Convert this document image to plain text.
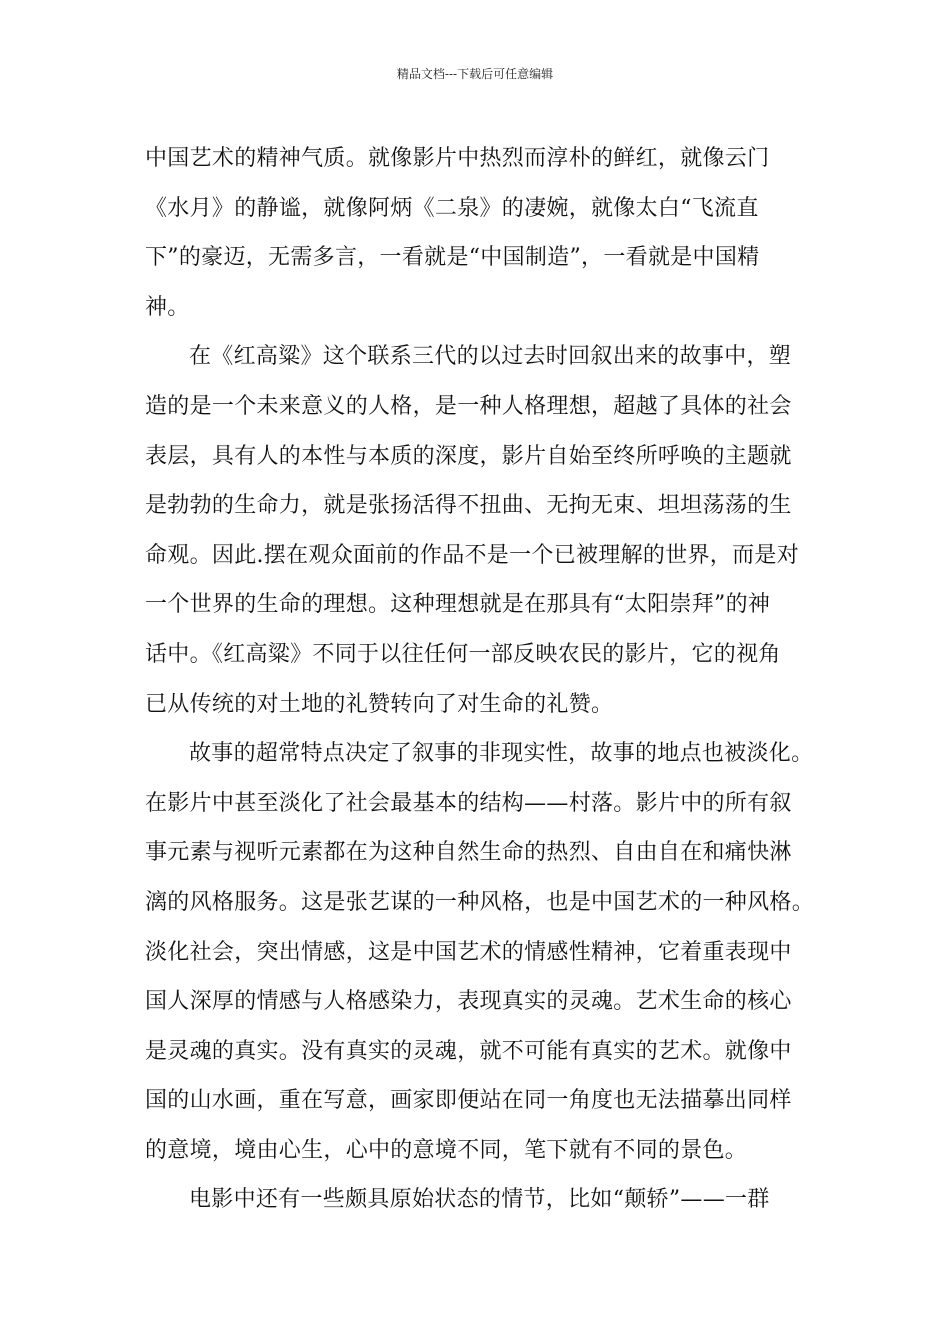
精品文档---下载后可任意编辑
中国艺术的精神气质。就像影片中热烈而淳朴的鲜红，就像云门
《水月》的静谧，就像阿炳《二泉》的凄婉，就像太白“飞流直
下”的豪迈，无需多言，一看就是“中国制造”，一看就是中国精
神。
在《红高粱》这个联系三代的以过去时回叙出来的故事中，塑
造的是一个未来意义的人格，是一种人格理想，超越了具体的社会
表层，具有人的本性与本质的深度，影片自始至终所呼唤的主题就
是勃勃的生命力，就是张扬活得不扭曲、无拘无束、坦坦荡荡的生
命观。因此.摆在观众面前的作品不是一个已被理解的世界，而是对
一个世界的生命的理想。这种理想就是在那具有“太阳崇拜”的神
话中。《红高粱》不同于以往任何一部反映农民的影片，它的视角
已从传统的对土地的礼赞转向了对生命的礼赞。
故事的超常特点决定了叙事的非现实性，故事的地点也被淡化。
在影片中甚至淡化了社会最基本的结构——村落。影片中的所有叙
事元素与视听元素都在为这种自然生命的热烈、自由自在和痛快淋
漓的风格服务。这是张艺谋的一种风格，也是中国艺术的一种风格。
淡化社会，突出情感，这是中国艺术的情感性精神，它着重表现中
国人深厚的情感与人格感染力，表现真实的灵魂。艺术生命的核心
是灵魂的真实。没有真实的灵魂，就不可能有真实的艺术。就像中
国的山水画，重在写意，画家即便站在同一角度也无法描摹出同样
的意境，境由心生，心中的意境不同，笔下就有不同的景色。
电影中还有一些颇具原始状态的情节，比如“颠轿”——一群
